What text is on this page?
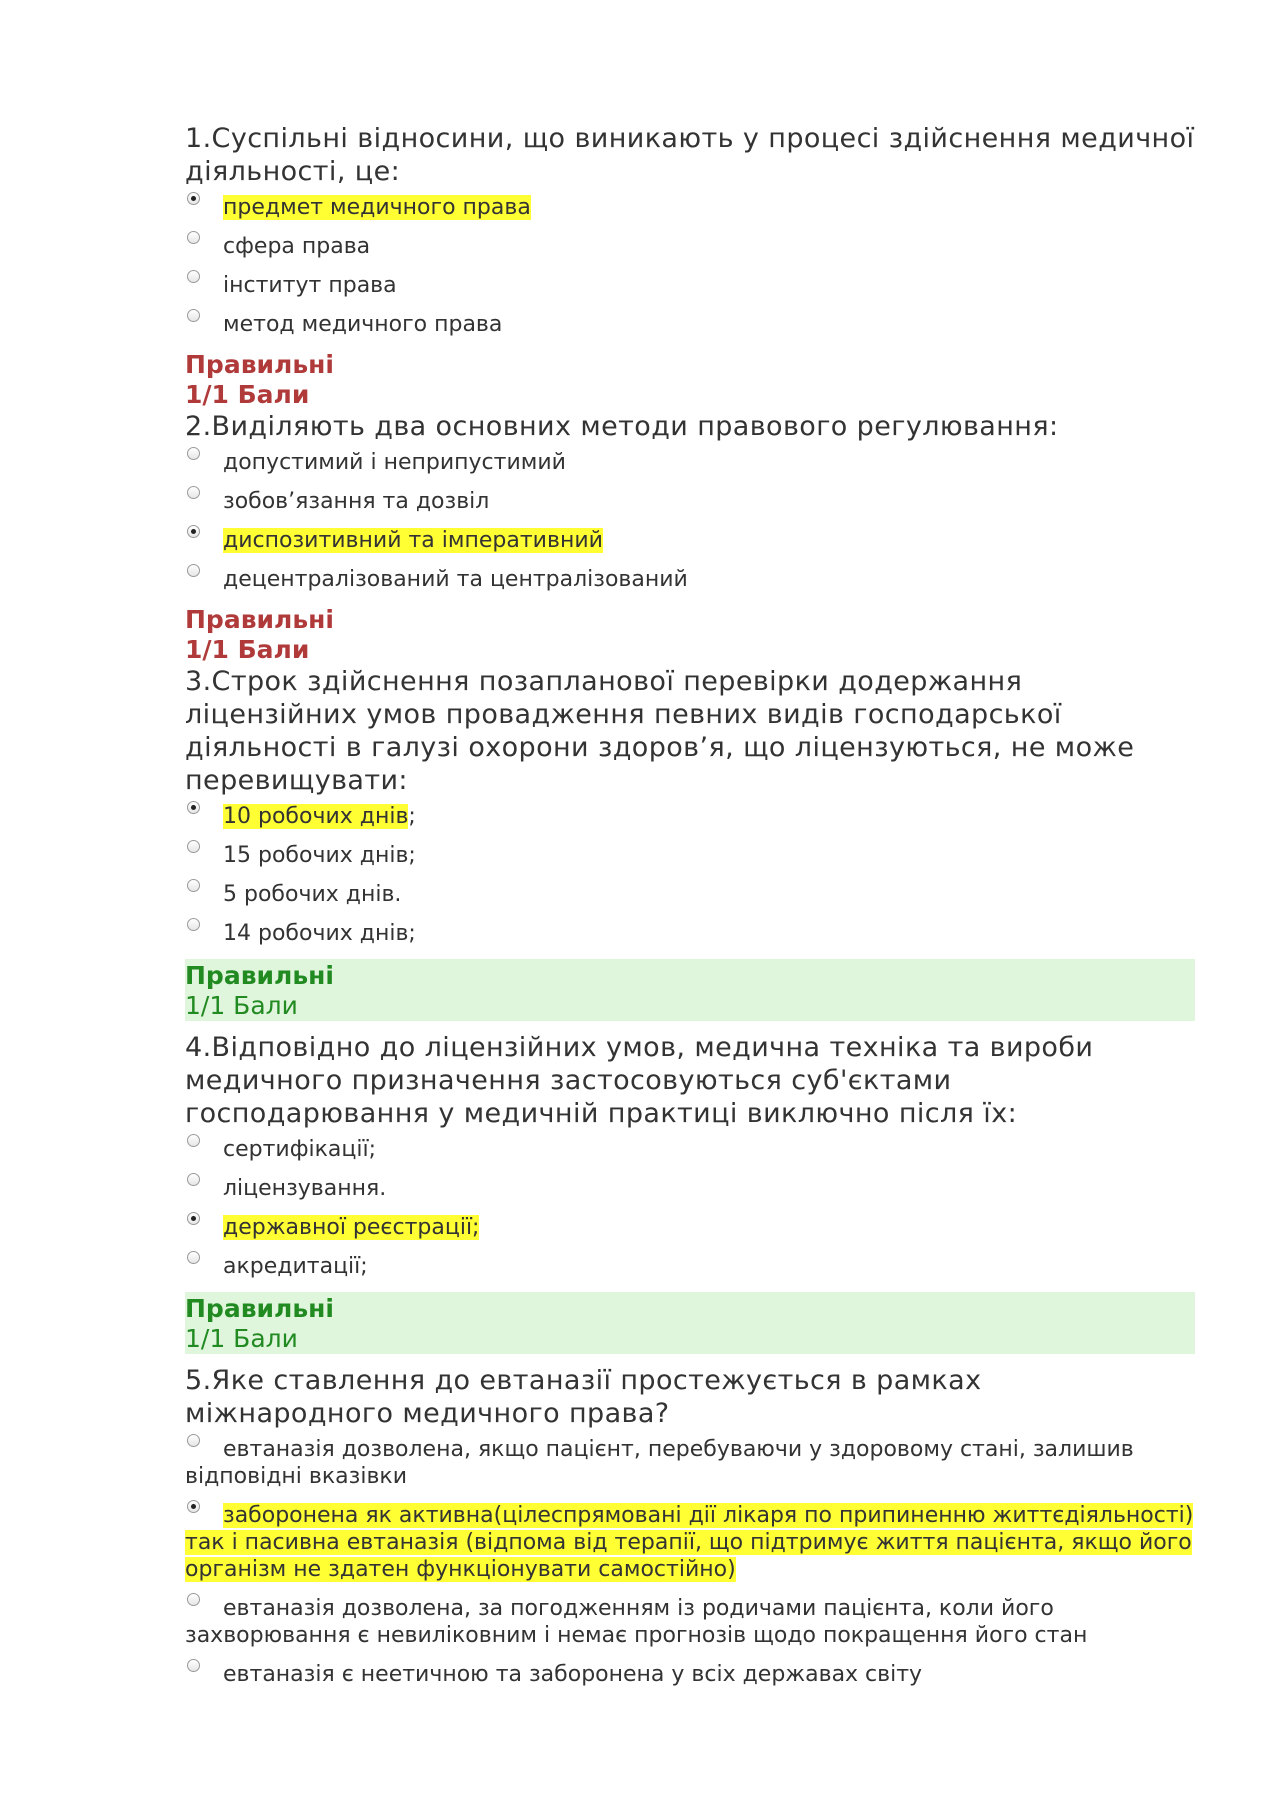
1.Суспільні відносини, що виникають у процесі здійснення медичної діяльності, це:
предмет медичного права
сфера права
інститут права
метод медичного права
Правильні
1/1 Бали
2.Виділяють два основних методи правового регулювання:
допустимий і неприпустимий
зобов’язання та дозвіл
диспозитивний та імперативний
децентралізований та централізований
Правильні
1/1 Бали
3.Строк здійснення позапланової перевірки додержання ліцензійних умов провадження певних видів господарської діяльності в галузі охорони здоров’я, що ліцензуються, не може перевищувати:
10 робочих днів;
15 робочих днів;
5 робочих днів.
14 робочих днів;
Правильні
1/1 Бали
4.Відповідно до ліцензійних умов, медична техніка та вироби медичного призначення застосовуються суб'єктами господарювання у медичній практиці виключно після їх:
сертифікації;
ліцензування.
державної реєстрації;
акредитації;
Правильні
1/1 Бали
5.Яке ставлення до евтаназії простежується в рамках міжнародного медичного права?
евтаназія дозволена, якщо пацієнт, перебуваючи у здоровому стані, залишив відповідні вказівки
заборонена як активна(цілеспрямовані дії лікаря по припиненню життєдіяльності) так і пасивна евтаназія (відпома від терапії, що підтримує життя пацієнта, якщо його організм не здатен функціонувати самостійно)
евтаназія дозволена, за погодженням із родичами пацієнта, коли його захворювання є невиліковним і немає прогнозів щодо покращення його стан
евтаназія є неетичною та заборонена у всіх державах світу
